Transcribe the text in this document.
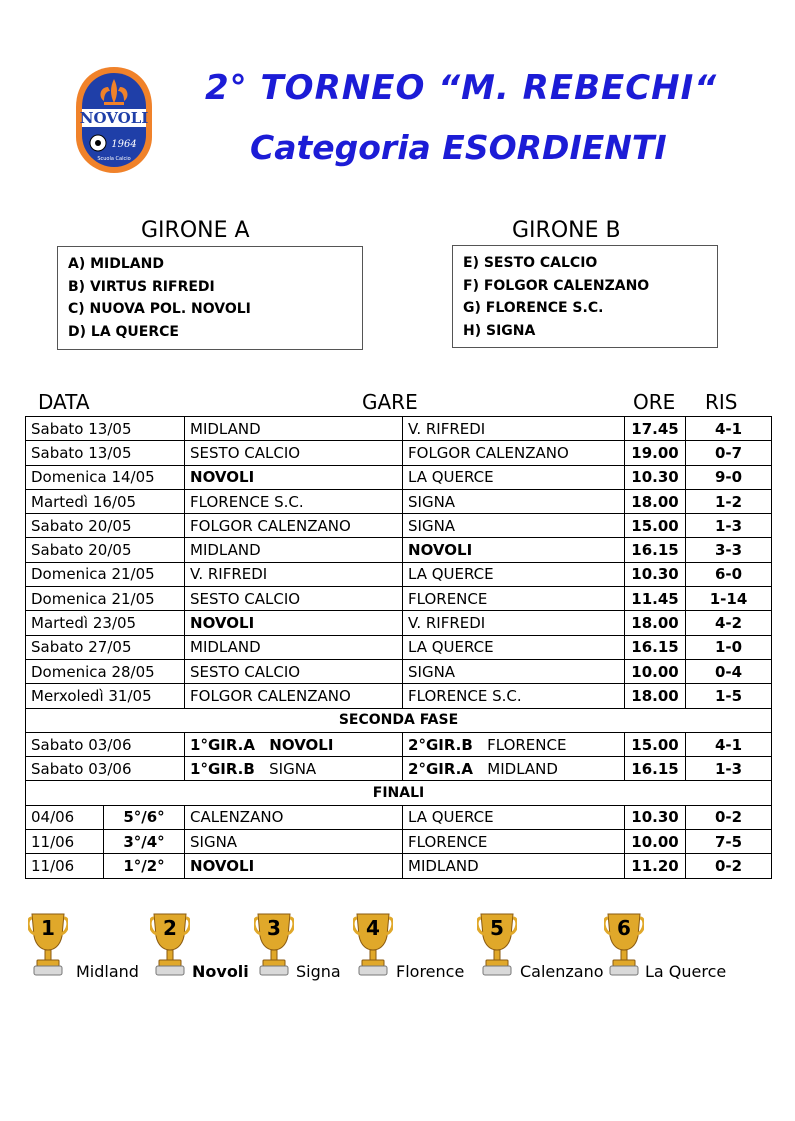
NOVOLI
1964
Scuola Calcio
2° TORNEO “M. REBECHI“
Categoria ESORDIENTI
GIRONE A
A) MIDLAND
B) VIRTUS RIFREDI
C) NUOVA POL. NOVOLI
D) LA QUERCE
GIRONE B
E) SESTO CALCIO
F) FOLGOR CALENZANO
G) FLORENCE S.C.
H) SIGNA
DATA	GARE	ORE RIS
Sabato 13/05		MIDLAND	V. RIFREDI	17.45	4-1
Sabato 13/05		SESTO CALCIO	FOLGOR CALENZANO	19.00	0-7
Domenica 14/05		NOVOLI	LA QUERCE	10.30	9-0
Martedì 16/05		FLORENCE S.C.	SIGNA	18.00	1-2
Sabato 20/05		FOLGOR CALENZANO	SIGNA	15.00	1-3
Sabato 20/05		MIDLAND	NOVOLI	16.15	3-3
Domenica 21/05		V. RIFREDI	LA QUERCE	10.30	6-0
Domenica 21/05		SESTO CALCIO	FLORENCE	11.45	1-14
Martedì 23/05		NOVOLI	V. RIFREDI	18.00	4-2
Sabato 27/05		MIDLAND	LA QUERCE	16.15	1-0
Domenica 28/05		SESTO CALCIO	SIGNA	10.00	0-4
Merxoledì 31/05		FOLGOR CALENZANO	FLORENCE S.C.	18.00	1-5
SECONDA FASE					
Sabato 03/06		1°GIR.A NOVOLI	2°GIR.B FLORENCE	15.00	4-1
Sabato 03/06		1°GIR.B SIGNA	2°GIR.A MIDLAND	16.15	1-3
FINALI					
04/06	5°/6°	CALENZANO	LA QUERCE	10.30	0-2
11/06	3°/4°	SIGNA	FLORENCE	10.00	7-5
11/06	1°/2°	NOVOLI	MIDLAND	11.20	0-2
1
Midland
2
Novoli
3
Signa
4
Florence
5
Calenzano
6
La Querce
